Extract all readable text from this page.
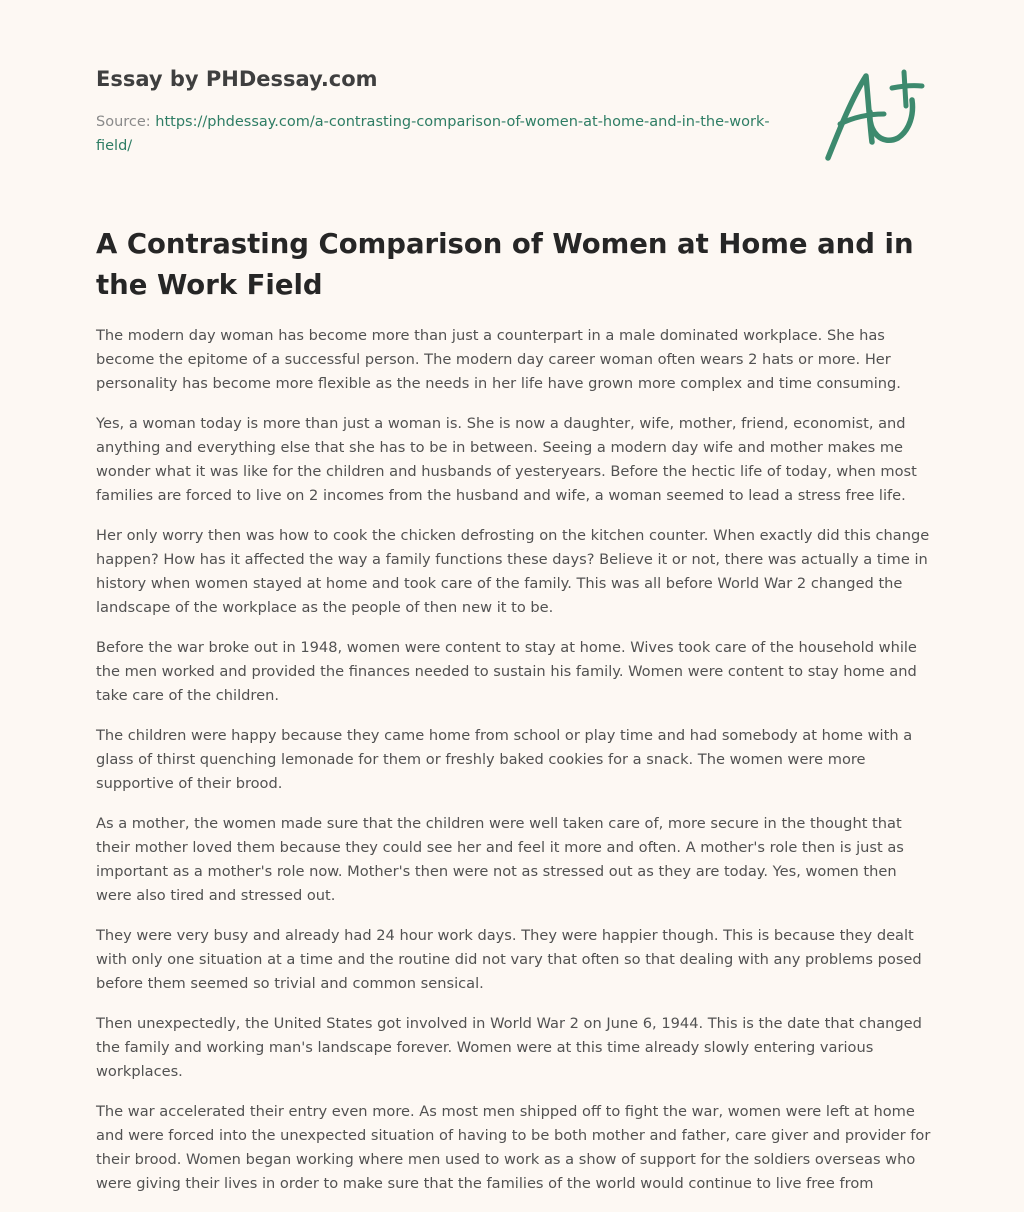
Essay by PHDessay.com
Source: https://phdessay.com/a-contrasting-comparison-of-women-at-home-and-in-the-work-field/
A Contrasting Comparison of Women at Home and in the Work Field

The modern day woman has become more than just a counterpart in a male dominated workplace. She has become the epitome of a successful person. The modern day career woman often wears 2 hats or more. Her personality has become more flexible as the needs in her life have grown more complex and time consuming.

Yes, a woman today is more than just a woman is. She is now a daughter, wife, mother, friend, economist, and anything and everything else that she has to be in between. Seeing a modern day wife and mother makes me wonder what it was like for the children and husbands of yesteryears. Before the hectic life of today, when most families are forced to live on 2 incomes from the husband and wife, a woman seemed to lead a stress free life.

Her only worry then was how to cook the chicken defrosting on the kitchen counter. When exactly did this change happen? How has it affected the way a family functions these days? Believe it or not, there was actually a time in history when women stayed at home and took care of the family. This was all before World War 2 changed the landscape of the workplace as the people of then new it to be.

Before the war broke out in 1948, women were content to stay at home. Wives took care of the household while the men worked and provided the finances needed to sustain his family. Women were content to stay home and take care of the children.

The children were happy because they came home from school or play time and had somebody at home with a glass of thirst quenching lemonade for them or freshly baked cookies for a snack. The women were more supportive of their brood.

As a mother, the women made sure that the children were well taken care of, more secure in the thought that their mother loved them because they could see her and feel it more and often. A mother's role then is just as important as a mother's role now. Mother's then were not as stressed out as they are today. Yes, women then were also tired and stressed out.

They were very busy and already had 24 hour work days. They were happier though. This is because they dealt with only one situation at a time and the routine did not vary that often so that dealing with any problems posed before them seemed so trivial and common sensical.

Then unexpectedly, the United States got involved in World War 2 on June 6, 1944. This is the date that changed the family and working man's landscape forever. Women were at this time already slowly entering various workplaces.

The war accelerated their entry even more. As most men shipped off to fight the war, women were left at home and were forced into the unexpected situation of having to be both mother and father, care giver and provider for their brood. Women began working where men used to work as a show of support for the soldiers overseas who were giving their lives in order to make sure that the families of the world would continue to live free from
